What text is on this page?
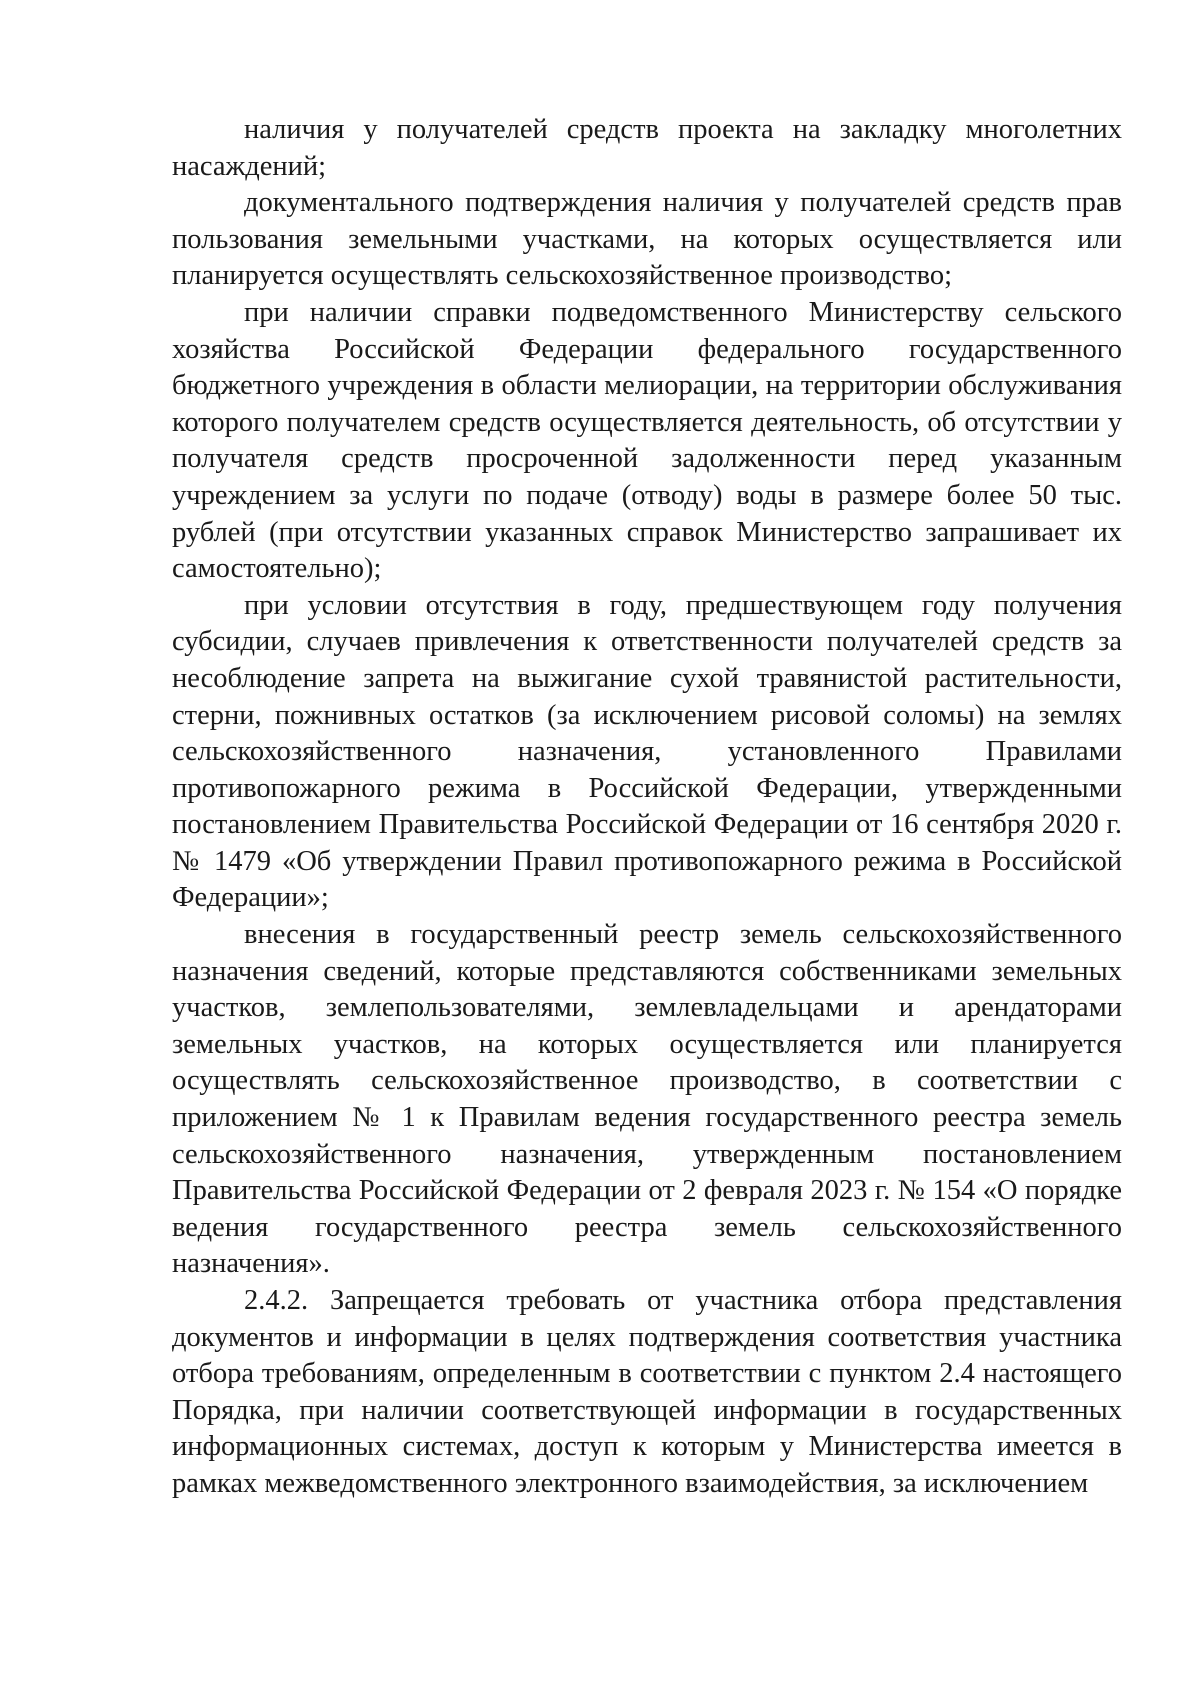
наличия у получателей средств проекта на закладку многолетних насаждений;

документального подтверждения наличия у получателей средств прав пользования земельными участками, на которых осуществляется или планируется осуществлять сельскохозяйственное производство;

при наличии справки подведомственного Министерству сельского хозяйства Российской Федерации федерального государственного бюджетного учреждения в области мелиорации, на территории обслуживания которого получателем средств осуществляется деятельность, об отсутствии у получателя средств просроченной задолженности перед указанным учреждением за услуги по подаче (отводу) воды в размере более 50 тыс. рублей (при отсутствии указанных справок Министерство запрашивает их самостоятельно);

при условии отсутствия в году, предшествующем году получения субсидии, случаев привлечения к ответственности получателей средств за несоблюдение запрета на выжигание сухой травянистой растительности, стерни, пожнивных остатков (за исключением рисовой соломы) на землях сельскохозяйственного назначения, установленного Правилами противопожарного режима в Российской Федерации, утвержденными постановлением Правительства Российской Федерации от 16 сентября 2020 г. № 1479 «Об утверждении Правил противопожарного режима в Российской Федерации»;

внесения в государственный реестр земель сельскохозяйственного назначения сведений, которые представляются собственниками земельных участков, землепользователями, землевладельцами и арендаторами земельных участков, на которых осуществляется или планируется осуществлять сельскохозяйственное производство, в соответствии с приложением № 1 к Правилам ведения государственного реестра земель сельскохозяйственного назначения, утвержденным постановлением Правительства Российской Федерации от 2 февраля 2023 г. № 154 «О порядке ведения государственного реестра земель сельскохозяйственного назначения».

2.4.2. Запрещается требовать от участника отбора представления документов и информации в целях подтверждения соответствия участника отбора требованиям, определенным в соответствии с пунктом 2.4 настоящего Порядка, при наличии соответствующей информации в государственных информационных системах, доступ к которым у Министерства имеется в рамках межведомственного электронного взаимодействия, за исключением
